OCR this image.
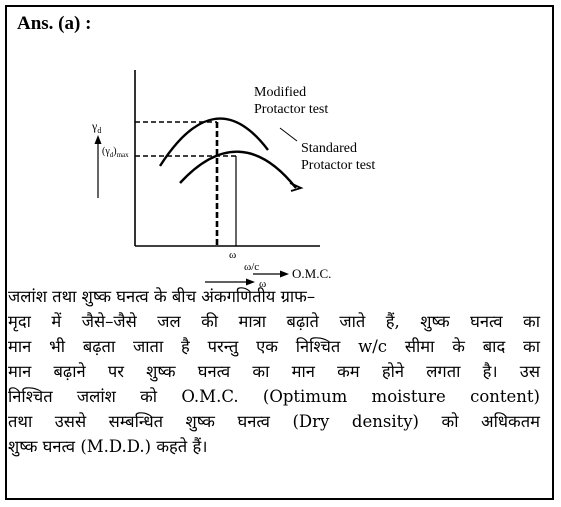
Ans. (a) :
$\gamma_d$
$(\gamma_d)_{max}$
ω
ω/c	O.M.C.
ω
Modified
Protactor test
Standared
Protactor test
जलांश तथा शुष्क घनत्व के बीच अंकगणितीय ग्राफ–
मृदा में जैसे–जैसे जल की मात्रा बढ़ाते जाते हैं, शुष्क घनत्व का
मान भी बढ़ता जाता है परन्तु एक निश्चित w/c सीमा के बाद का
मान बढ़ाने पर शुष्क घनत्व का मान कम होने लगता है। उस
निश्चित जलांश को O.M.C. (Optimum moisture content)
तथा उससे सम्बन्धित शुष्क घनत्व (Dry density) को अधिकतम
शुष्क घनत्व (M.D.D.) कहते हैं।
